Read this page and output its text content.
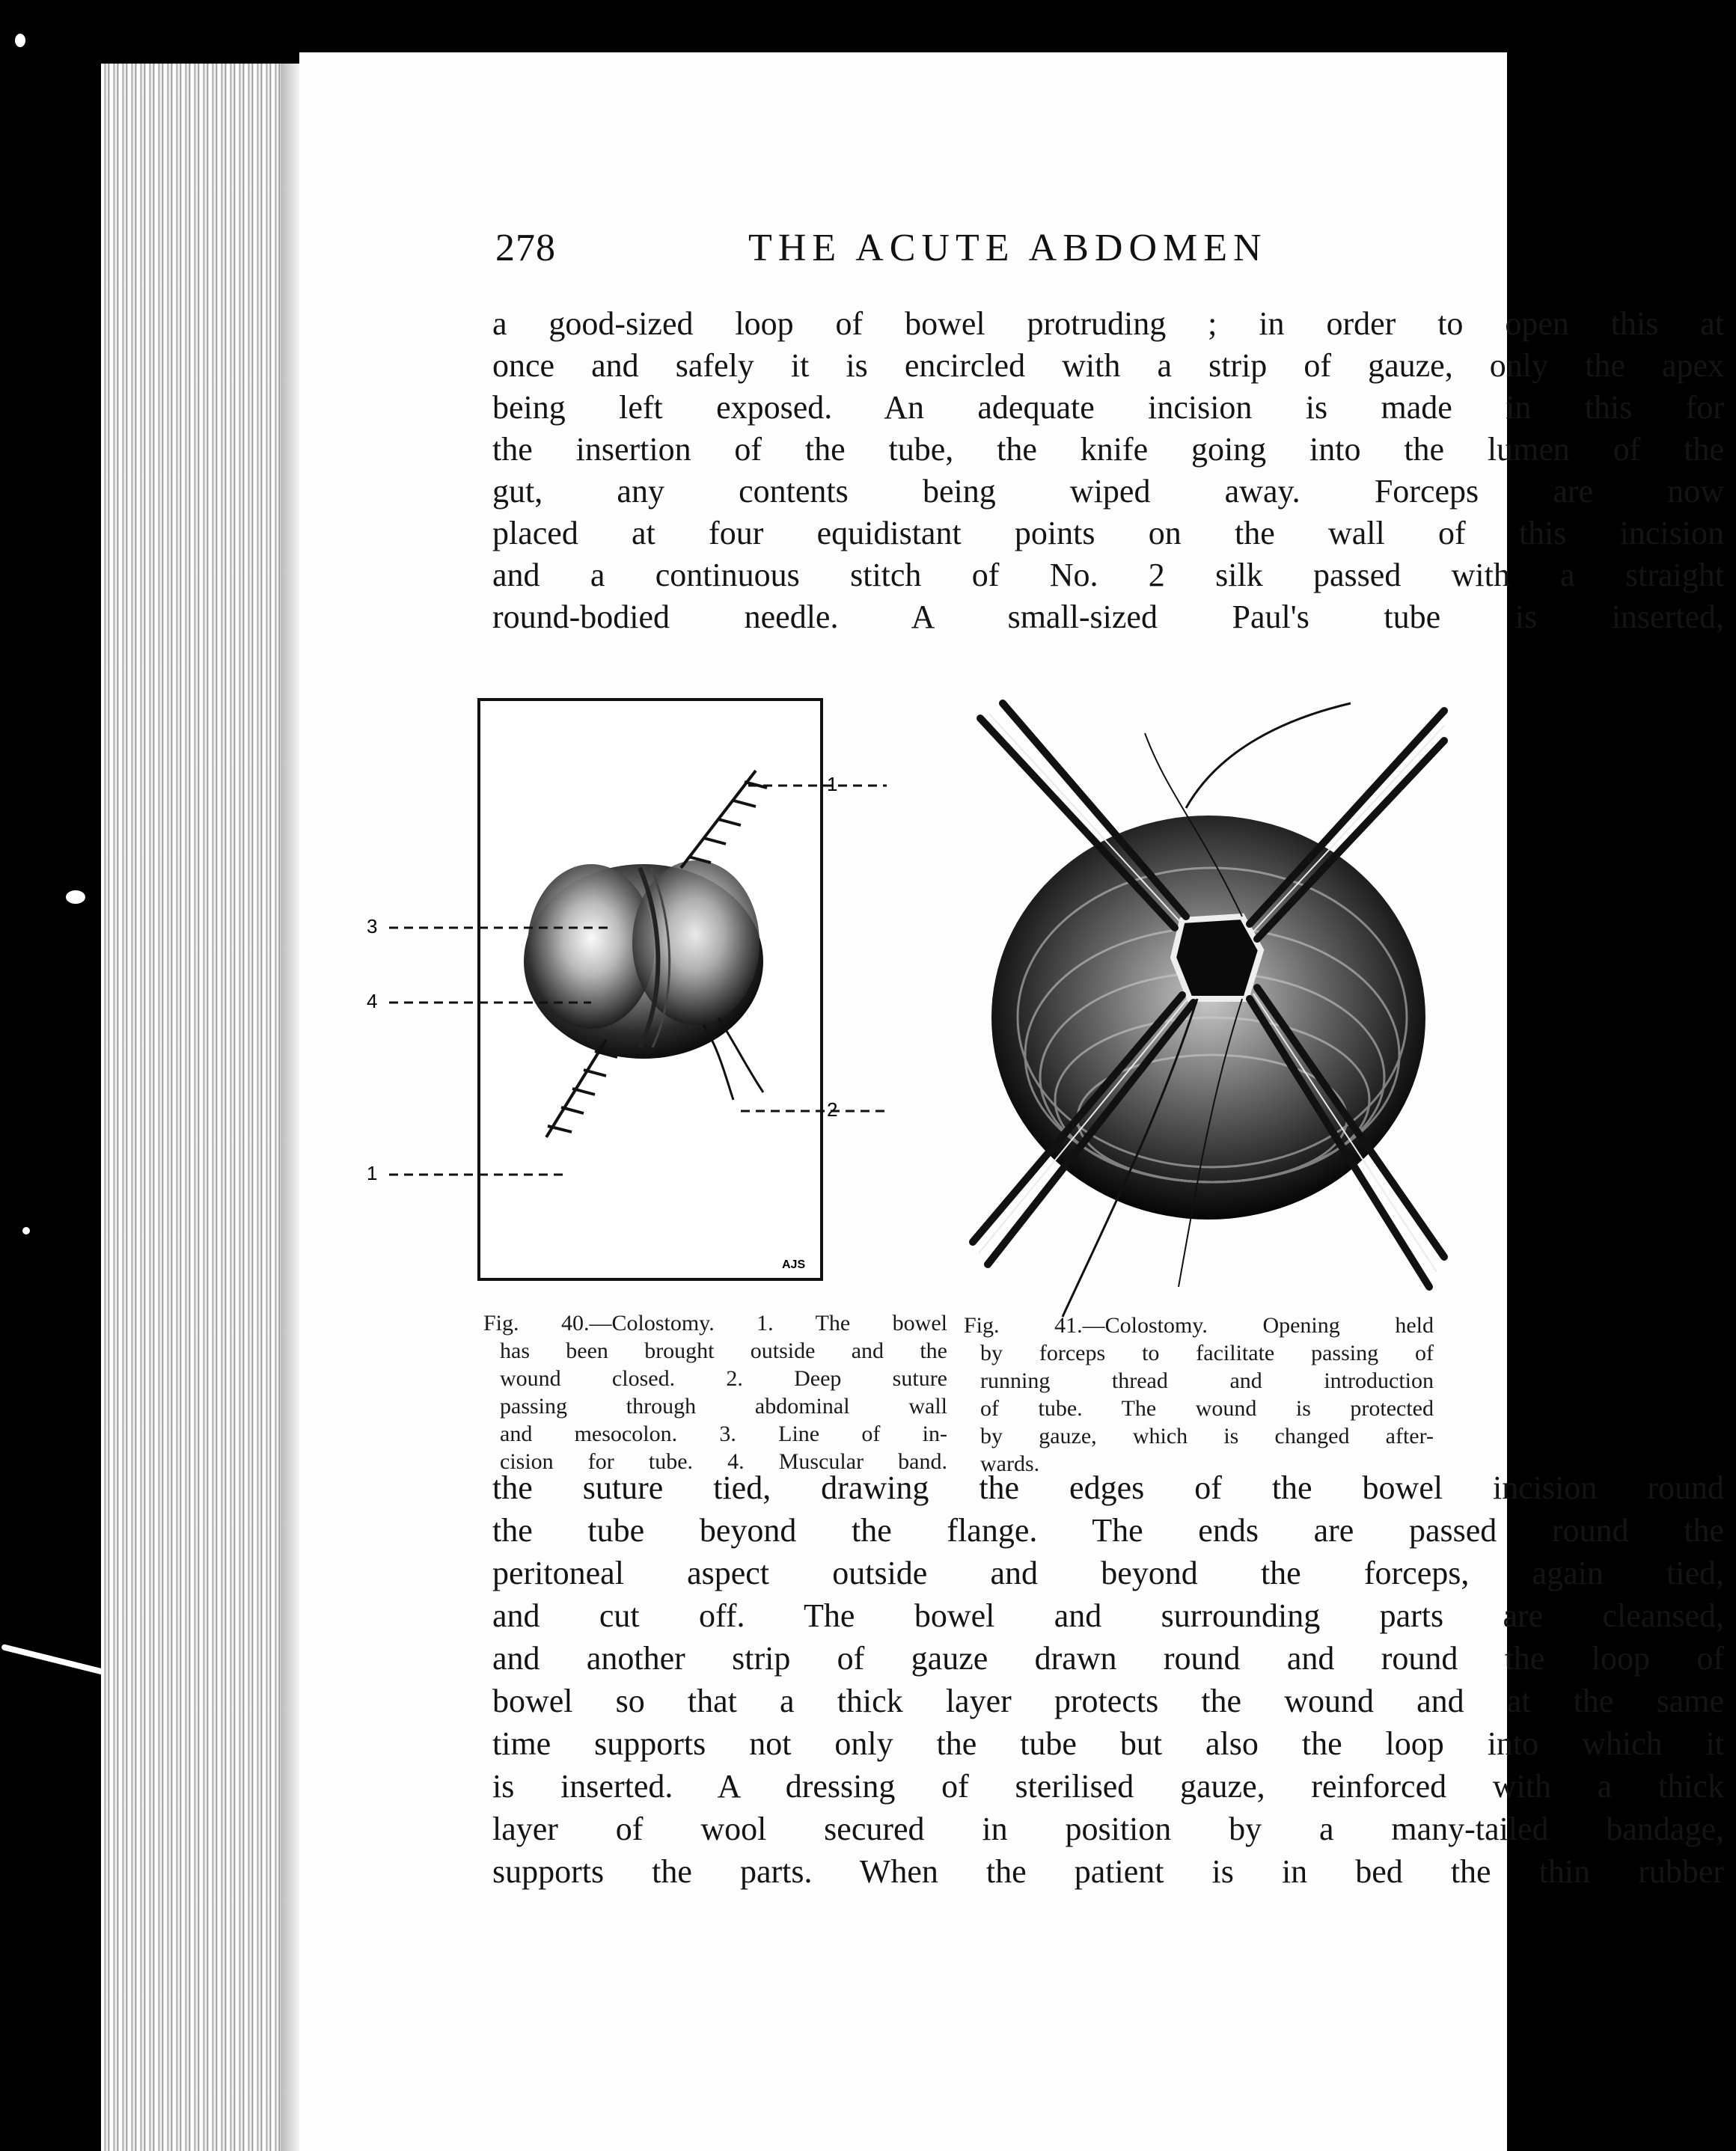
278	THE ACUTE ABDOMEN
a good-sized loop of bowel protruding ; in order to open this at
once and safely it is encircled with a strip of gauze, only the apex
being left exposed. An adequate incision is made in this for
the insertion of the tube, the knife going into the lumen of the
gut, any contents being wiped away. Forceps are now
placed at four equidistant points on the wall of this incision
and a continuous stitch of No. 2 silk passed with a straight
round-bodied needle. A small-sized Paul's tube is inserted,
3
4
1
1
2
AJS
Fig. 40.—Colostomy. 1. The bowel
has been brought outside and the
wound closed. 2. Deep suture
passing through abdominal wall
and mesocolon. 3. Line of in-
cision for tube. 4. Muscular band.
Fig. 41.—Colostomy. Opening held
by forceps to facilitate passing of
running thread and introduction
of tube. The wound is protected
by gauze, which is changed after-
wards.
the suture tied, drawing the edges of the bowel incision round
the tube beyond the flange. The ends are passed round the
peritoneal aspect outside and beyond the forceps, again tied,
and cut off. The bowel and surrounding parts are cleansed,
and another strip of gauze drawn round and round the loop of
bowel so that a thick layer protects the wound and at the same
time supports not only the tube but also the loop into which it
is inserted. A dressing of sterilised gauze, reinforced with a thick
layer of wool secured in position by a many-tailed bandage,
supports the parts. When the patient is in bed the thin rubber
